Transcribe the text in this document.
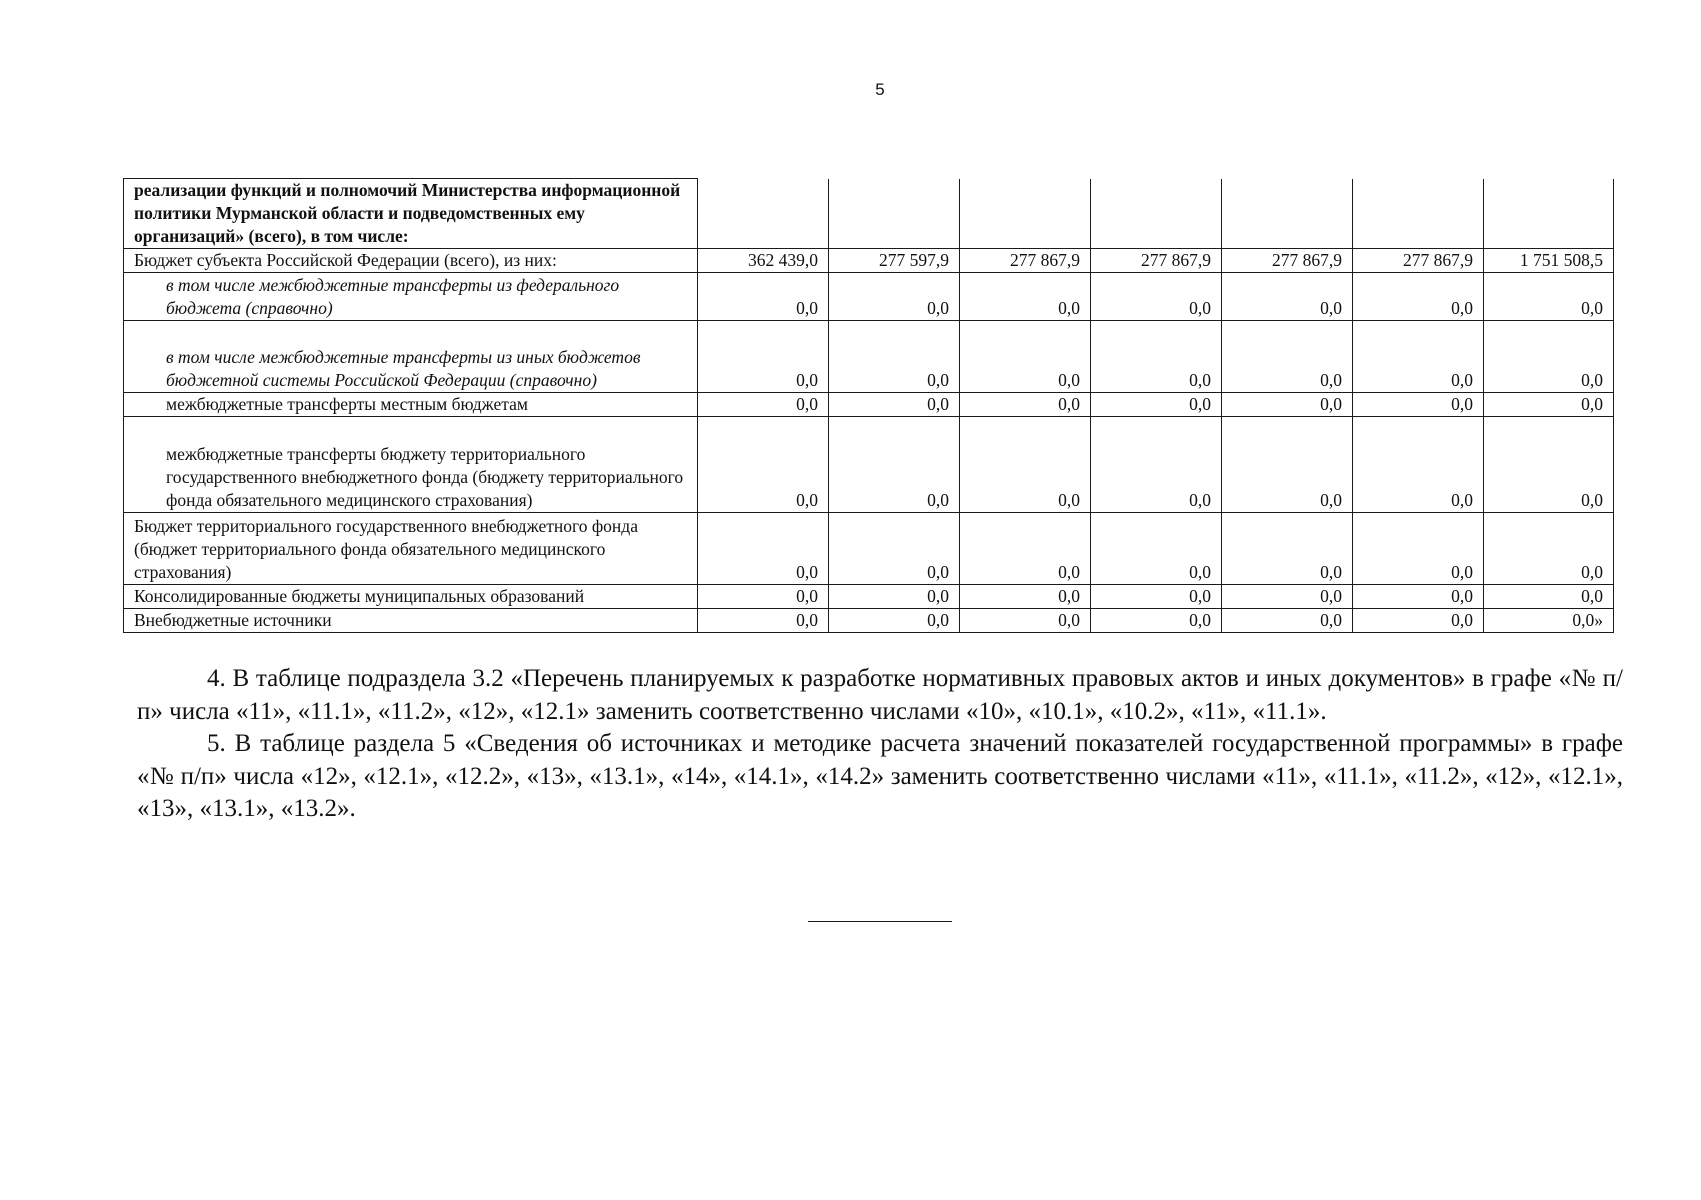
5
реализации функций и полномочий Министерства информационной политики Мурманской области и подведомственных ему организаций» (всего), в том числе:							
Бюджет субъекта Российской Федерации (всего), из них:	362 439,0	277 597,9	277 867,9	277 867,9	277 867,9	277 867,9	1 751 508,5
в том числе межбюджетные трансферты из федерального бюджета (справочно)	0,0	0,0	0,0	0,0	0,0	0,0	0,0
в том числе межбюджетные трансферты из иных бюджетов бюджетной системы Российской Федерации (справочно)	0,0	0,0	0,0	0,0	0,0	0,0	0,0
межбюджетные трансферты местным бюджетам	0,0	0,0	0,0	0,0	0,0	0,0	0,0
межбюджетные трансферты бюджету территориального государственного внебюджетного фонда (бюджету территориального фонда обязательного медицинского страхования)	0,0	0,0	0,0	0,0	0,0	0,0	0,0
Бюджет территориального государственного внебюджетного фонда (бюджет территориального фонда обязательного медицинского страхования)	0,0	0,0	0,0	0,0	0,0	0,0	0,0
Консолидированные бюджеты муниципальных образований	0,0	0,0	0,0	0,0	0,0	0,0	0,0
Внебюджетные источники	0,0	0,0	0,0	0,0	0,0	0,0	0,0»

4. В таблице подраздела 3.2 «Перечень планируемых к разработке нормативных правовых актов и иных документов» в графе «№ п/п» числа «11», «11.1», «11.2», «12», «12.1» заменить соответственно числами «10», «10.1», «10.2», «11», «11.1».

5. В таблице раздела 5 «Сведения об источниках и методике расчета значений показателей государственной программы» в графе «№ п/п» числа «12», «12.1», «12.2», «13», «13.1», «14», «14.1», «14.2» заменить соответственно числами «11», «11.1», «11.2», «12», «12.1», «13», «13.1», «13.2».
